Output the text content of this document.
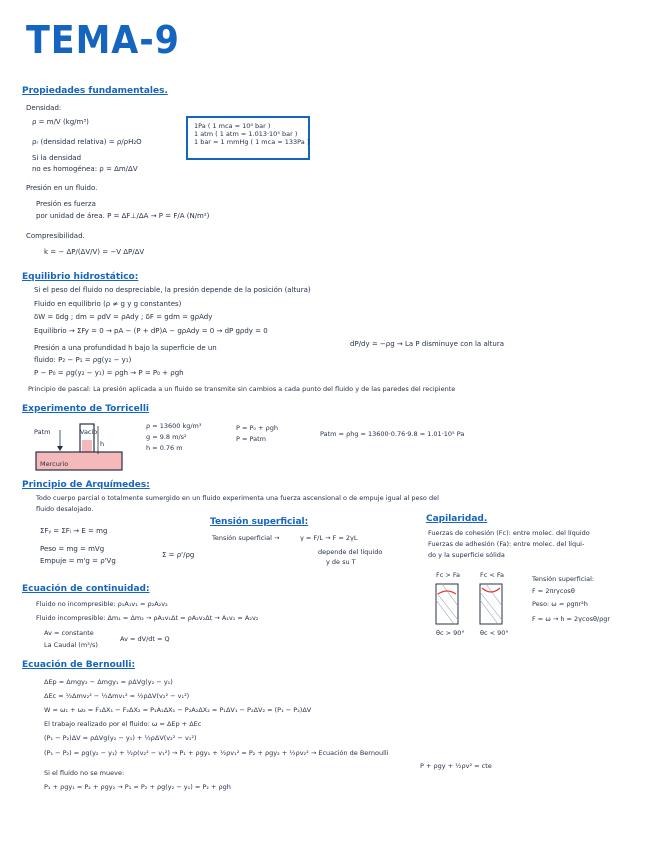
TEMA-9
Propiedades fundamentales.
Densidad:
ρ = m/V (kg/m³)
ρᵣ (densidad relativa) = ρ/ρH₂O
Si la densidad
no es homogénea: ρ = Δm/ΔV
Presión en un fluido.
Presión es fuerza
por unidad de área. P = ΔF⊥/ΔA → P = F/A (N/m²)
Compresibilidad.
k = − ΔP/(ΔV/V) = −V ΔP/ΔV
1Pa ( 1 mca = 10⁴ bar )
1 atm ( 1 atm = 1.013·10⁵ bar )
1 bar = 1 mmHg ( 1 mca = 133Pa )
Equilibrio hidrostático:
Si el peso del fluido no despreciable, la presión depende de la posición (altura)
Fluido en equilibrio (ρ ≠ g y g constantes)
δW = δdg ; dm = ρdV = ρAdy ; δF = gdm = gρAdy
Equilibrio → ΣFy = 0 → pA − (P + dP)A − gρAdy = 0 → dP gρdy = 0
dP/dy = −ρg → La P disminuye con la altura
Presión a una profundidad h bajo la superficie de un
fluido: P₂ − P₁ = ρg(y₂ − y₁)
P − P₀ = ρg(y₂ − y₁) = ρgh → P = P₀ + ρgh
Principio de pascal: La presión aplicada a un fluido se transmite sin cambios a cada punto del fluido y de las paredes del recipiente
Experimento de Torricelli
Patm	Vacío
h
Mercurio
ρ = 13600 kg/m³
g = 9.8 m/s²
h = 0.76 m
P = P₀ + ρgh
P = Patm
Patm = ρhg = 13600·0.76·9.8 = 1.01·10⁵ Pa
Principio de Arquímedes:
Todo cuerpo parcial o totalmente sumergido en un fluido experimenta una fuerza ascensional o de empuje igual al peso del
fluido desalojado.
ΣFᵧ = ΣFᵢ → E = mg
Peso = mg = mVg
Empuje = m'g = ρ'Vg
Σ = ρ'/ρg
Tensión superficial:
Tensión superficial →	γ = F/L → F = 2γL
depende del líquido
y de su T
Capilaridad.
Fuerzas de cohesión (Fc): entre molec. del líquido
Fuerzas de adhesión (Fa): entre molec. del líqui-
do y la superficie sólida
Fc > Fa	Fc < Fa
θc > 90° θc < 90°
Tensión superficial:
F = 2πrγcosθ
Peso: ω = ρgπr²h
F = ω → h = 2γcosθ/ρgr
Ecuación de continuidad:
Fluido no incompresible: ρ₁A₁v₁ = ρ₂A₂v₂
Fluido incompresible: Δm₁ = Δm₂ → ρA₁v₁Δt = ρA₂v₂Δt → A₁v₁ = A₂v₂
Av = constante
La Caudal (m³/s)
Av = dV/dt = Q
Ecuación de Bernoulli:
ΔEp = Δmgy₂ − Δmgy₁ = ρΔVg(y₂ − y₁)
ΔEc = ½Δmv₂² − ½Δmv₁² = ½ρΔV(v₂² − v₁²)
W = ω₁ + ω₂ = F₁ΔX₁ − F₂ΔX₂ = P₁A₁ΔX₁ − P₂A₂ΔX₂ = P₁ΔV₁ − P₂ΔV₂ = (P₁ − P₂)ΔV
El trabajo realizado por el fluido: ω = ΔEp + ΔEc
(P₁ − P₂)ΔV = ρΔVg(y₂ − y₁) + ½ρΔV(v₂² − v₁²)
(P₁ − P₂) = ρg(y₂ − y₁) + ½ρ(v₂² − v₁²) → P₁ + ρgy₁ + ½ρv₁² = P₂ + ρgy₂ + ½ρv₂² → Ecuación de Bernoulli
P + ρgy + ½ρv² = cte
Si el fluido no se mueve:
P₁ + ρgy₁ = P₂ + ρgy₂ → P₁ = P₂ + ρg(y₂ − y₁) = P₂ + ρgh
